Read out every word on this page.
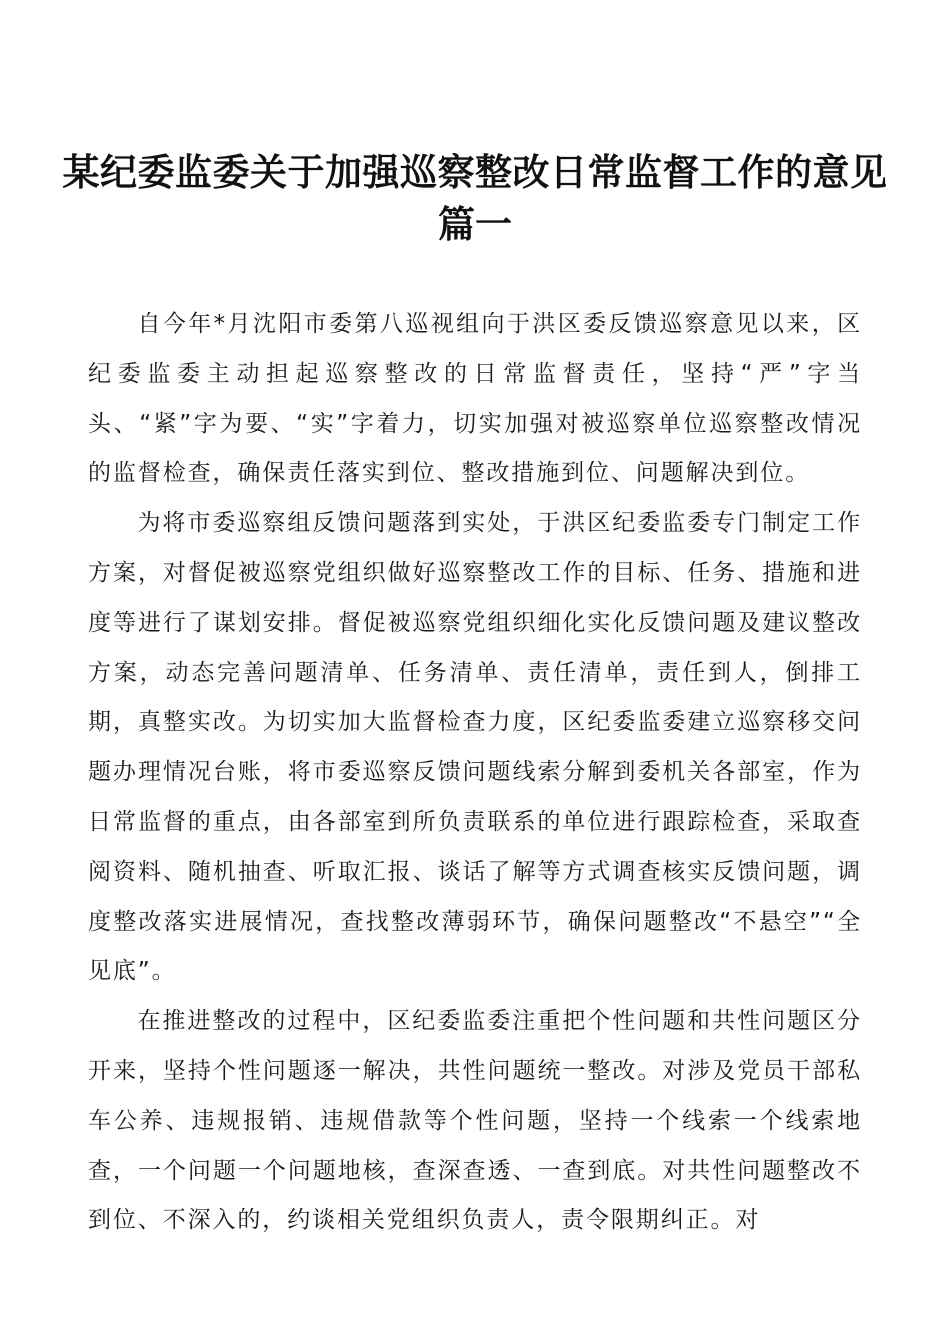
某纪委监委关于加强巡察整改日常监督工作的意见
篇一

自今年*月沈阳市委第八巡视组向于洪区委反馈巡察意见以来，区纪委监委主动担起巡察整改的日常监督责任，坚持“严”字当头、“紧”字为要、“实”字着力，切实加强对被巡察单位巡察整改情况的监督检查，确保责任落实到位、整改措施到位、问题解决到位。

为将市委巡察组反馈问题落到实处，于洪区纪委监委专门制定工作方案，对督促被巡察党组织做好巡察整改工作的目标、任务、措施和进度等进行了谋划安排。督促被巡察党组织细化实化反馈问题及建议整改方案，动态完善问题清单、任务清单、责任清单，责任到人，倒排工期，真整实改。为切实加大监督检查力度，区纪委监委建立巡察移交问题办理情况台账，将市委巡察反馈问题线索分解到委机关各部室，作为日常监督的重点，由各部室到所负责联系的单位进行跟踪检查，采取查阅资料、随机抽查、听取汇报、谈话了解等方式调查核实反馈问题，调度整改落实进展情况，查找整改薄弱环节，确保问题整改“不悬空”“全见底”。

在推进整改的过程中，区纪委监委注重把个性问题和共性问题区分开来，坚持个性问题逐一解决，共性问题统一整改。对涉及党员干部私车公养、违规报销、违规借款等个性问题，坚持一个线索一个线索地查，一个问题一个问题地核，查深查透、一查到底。对共性问题整改不到位、不深入的，约谈相关党组织负责人，责令限期纠正。对
